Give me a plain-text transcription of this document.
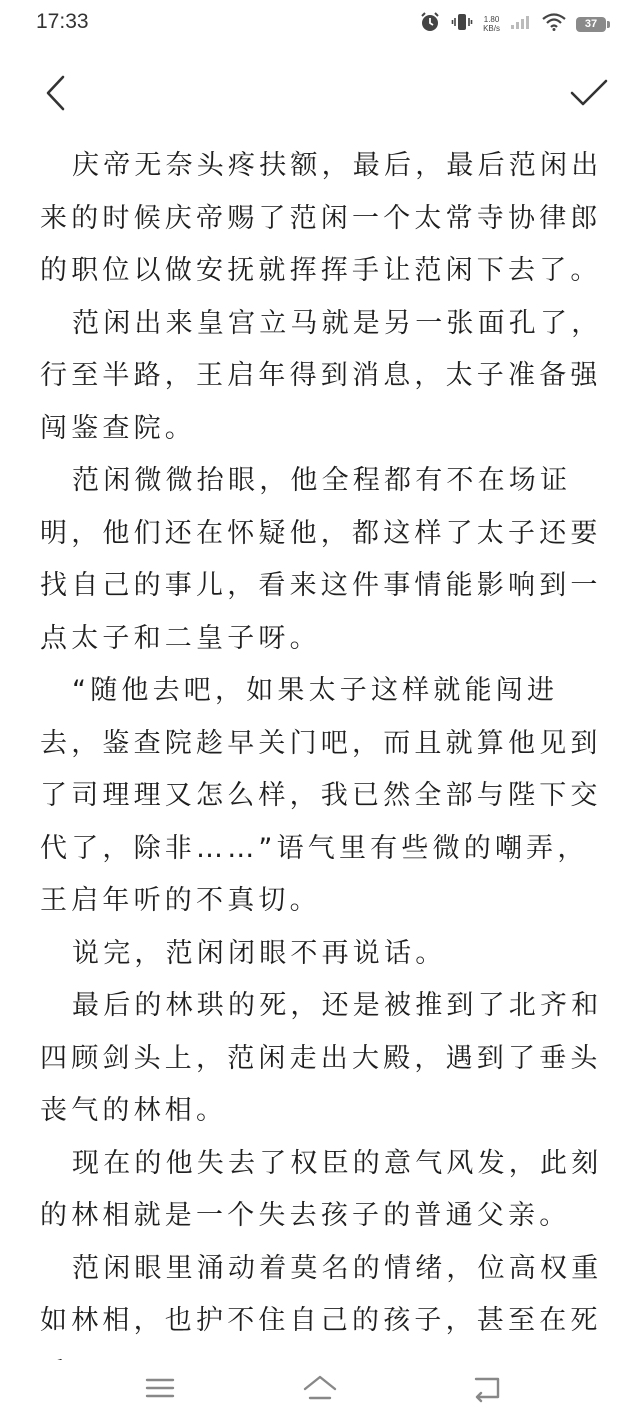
17:33	1.80
KB/s	37

庆帝无奈头疼扶额，最后，最后范闲出来的时候庆帝赐了范闲一个太常寺协律郎的职位以做安抚就挥挥手让范闲下去了。

范闲出来皇宫立马就是另一张面孔了，行至半路，王启年得到消息，太子准备强闯鉴查院。

范闲微微抬眼，他全程都有不在场证明，他们还在怀疑他，都这样了太子还要找自己的事儿，看来这件事情能影响到一点太子和二皇子呀。

“随他去吧，如果太子这样就能闯进去，鉴查院趁早关门吧，而且就算他见到了司理理又怎么样，我已然全部与陛下交代了，除非……”语气里有些微的嘲弄，王启年听的不真切。

说完，范闲闭眼不再说话。

最后的林珙的死，还是被推到了北齐和四顾剑头上，范闲走出大殿，遇到了垂头丧气的林相。

现在的他失去了权臣的意气风发，此刻的林相就是一个失去孩子的普通父亲。

范闲眼里涌动着莫名的情绪，位高权重如林相，也护不住自己的孩子，甚至在死
